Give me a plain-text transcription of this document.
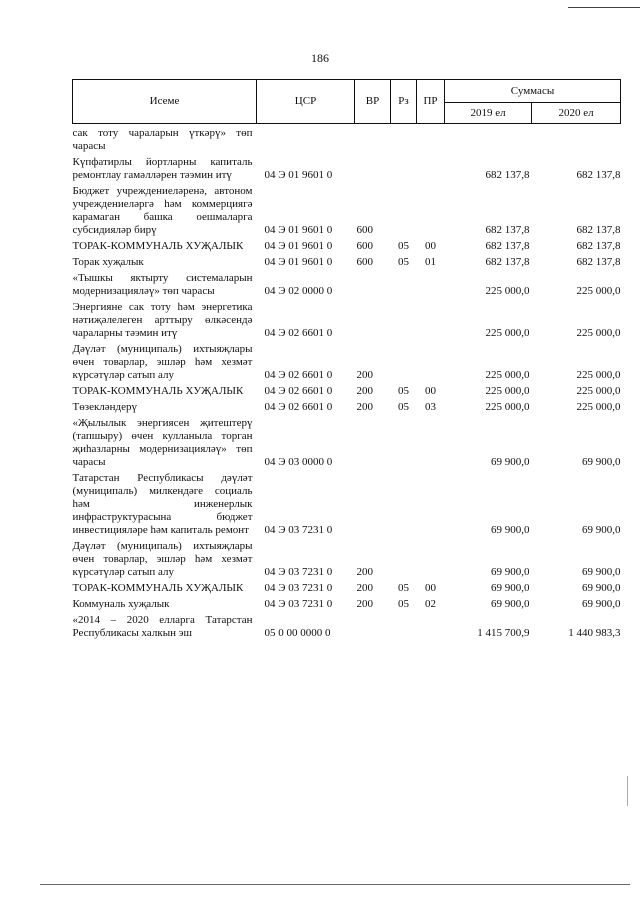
186
Исеме	ЦСР	ВР	Рз	ПР	Суммасы	
					2019 ел	2020 ел
сак тоту чараларын үткәрү» төп чарасы						
Күпфатирлы йортларны капиталь ремонтлау гамәлләрен тәэмин итү	04 Э 01 9601 0				682 137,8	682 137,8
Бюджет учреждениеләренә, автоном учреждениеләргә һәм коммерциягә карамаган башка оешмаларга субсидияләр бирү	04 Э 01 9601 0	600			682 137,8	682 137,8
ТОРАК-КОММУНАЛЬ ХУҖАЛЫК	04 Э 01 9601 0	600	05	00	682 137,8	682 137,8
Торак хуҗалык	04 Э 01 9601 0	600	05	01	682 137,8	682 137,8
«Тышкы яктырту системаларын модернизацияләү» төп чарасы	04 Э 02 0000 0				225 000,0	225 000,0
Энергияне сак тоту һәм энергетика нәтиҗәлелеген арттыру өлкәсендә чараларны тәэмин итү	04 Э 02 6601 0				225 000,0	225 000,0
Дәүләт (муниципаль) ихтыяҗлары өчен товарлар, эшләр һәм хезмәт күрсәтүләр сатып алу	04 Э 02 6601 0	200			225 000,0	225 000,0
ТОРАК-КОММУНАЛЬ ХУҖАЛЫК	04 Э 02 6601 0	200	05	00	225 000,0	225 000,0
Төзекләндерү	04 Э 02 6601 0	200	05	03	225 000,0	225 000,0
«Җылылык энергиясен җитештерү (тапшыру) өчен кулланыла торган җиһазларны модернизацияләү» төп чарасы	04 Э 03 0000 0				69 900,0	69 900,0
Татарстан Республикасы дәүләт (муниципаль) милкендәге социаль һәм инженерлык инфраструктурасына бюджет инвестицияләре һәм капиталь ремонт	04 Э 03 7231 0				69 900,0	69 900,0
Дәүләт (муниципаль) ихтыяҗлары өчен товарлар, эшләр һәм хезмәт күрсәтүләр сатып алу	04 Э 03 7231 0	200			69 900,0	69 900,0
ТОРАК-КОММУНАЛЬ ХУҖАЛЫК	04 Э 03 7231 0	200	05	00	69 900,0	69 900,0
Коммуналь хуҗалык	04 Э 03 7231 0	200	05	02	69 900,0	69 900,0
«2014 – 2020 елларга Татарстан Республикасы халкын эш	05 0 00 0000 0				1 415 700,9	1 440 983,3
